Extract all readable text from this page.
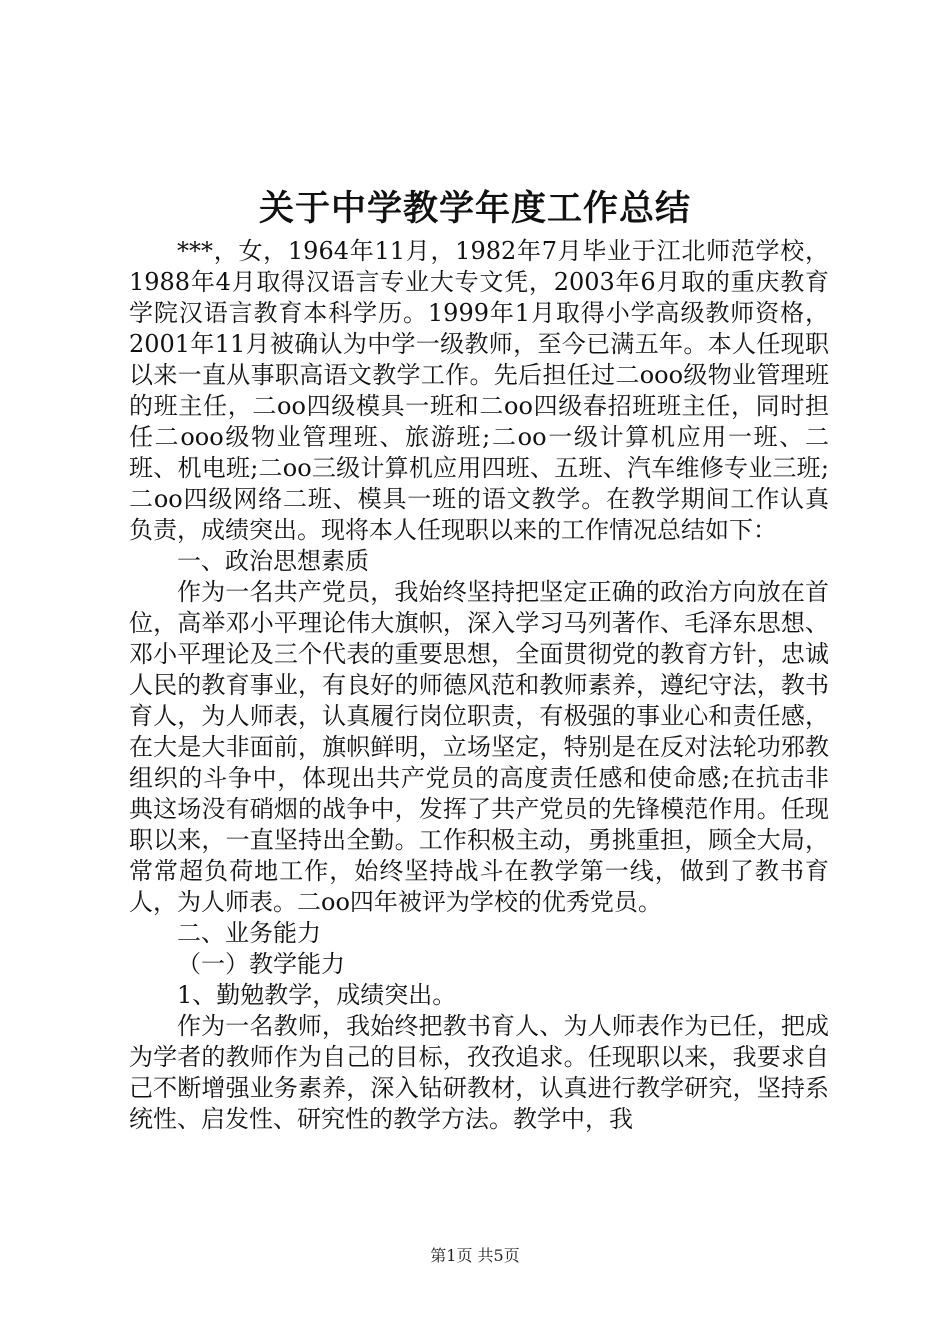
关于中学教学年度工作总结

***，女，1964年11月，1982年7月毕业于江北师范学校，1988年4月取得汉语言专业大专文凭，2003年6月取的重庆教育学院汉语言教育本科学历。1999年1月取得小学高级教师资格，2001年11月被确认为中学一级教师，至今已满五年。本人任现职以来一直从事职高语文教学工作。先后担任过二ooo级物业管理班的班主任，二oo四级模具一班和二oo四级春招班班主任，同时担任二ooo级物业管理班、旅游班;二oo一级计算机应用一班、二班、机电班;二oo三级计算机应用四班、五班、汽车维修专业三班;二oo四级网络二班、模具一班的语文教学。在教学期间工作认真负责，成绩突出。现将本人任现职以来的工作情况总结如下：

一、政治思想素质

作为一名共产党员，我始终坚持把坚定正确的政治方向放在首位，高举邓小平理论伟大旗帜，深入学习马列著作、毛泽东思想、邓小平理论及三个代表的重要思想，全面贯彻党的教育方针，忠诚人民的教育事业，有良好的师德风范和教师素养，遵纪守法，教书育人，为人师表，认真履行岗位职责，有极强的事业心和责任感，在大是大非面前，旗帜鲜明，立场坚定，特别是在反对法轮功邪教组织的斗争中，体现出共产党员的高度责任感和使命感;在抗击非典这场没有硝烟的战争中，发挥了共产党员的先锋模范作用。任现职以来，一直坚持出全勤。工作积极主动，勇挑重担，顾全大局，常常超负荷地工作，始终坚持战斗在教学第一线，做到了教书育人，为人师表。二oo四年被评为学校的优秀党员。

二、业务能力

（一）教学能力

1、勤勉教学，成绩突出。

作为一名教师，我始终把教书育人、为人师表作为已任，把成为学者的教师作为自己的目标，孜孜追求。任现职以来，我要求自己不断增强业务素养，深入钻研教材，认真进行教学研究，坚持系统性、启发性、研究性的教学方法。教学中，我

第1页 共5页
